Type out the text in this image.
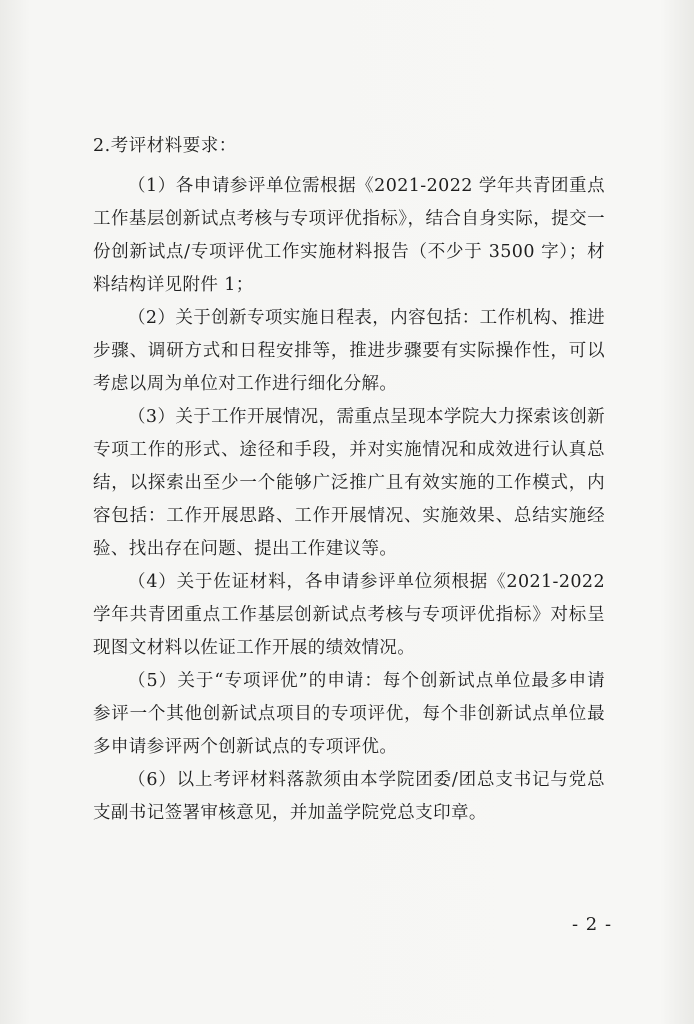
2.考评材料要求：

（1）各申请参评单位需根据《2021-2022 学年共青团重点工作基层创新试点考核与专项评优指标》，结合自身实际，提交一份创新试点/专项评优工作实施材料报告（不少于 3500 字）；材料结构详见附件 1；

（2）关于创新专项实施日程表，内容包括：工作机构、推进步骤、调研方式和日程安排等，推进步骤要有实际操作性，可以考虑以周为单位对工作进行细化分解。

（3）关于工作开展情况，需重点呈现本学院大力探索该创新专项工作的形式、途径和手段，并对实施情况和成效进行认真总结，以探索出至少一个能够广泛推广且有效实施的工作模式，内容包括：工作开展思路、工作开展情况、实施效果、总结实施经验、找出存在问题、提出工作建议等。

（4）关于佐证材料，各申请参评单位须根据《2021-2022 学年共青团重点工作基层创新试点考核与专项评优指标》对标呈现图文材料以佐证工作开展的绩效情况。

（5）关于“专项评优”的申请：每个创新试点单位最多申请参评一个其他创新试点项目的专项评优，每个非创新试点单位最多申请参评两个创新试点的专项评优。

（6）以上考评材料落款须由本学院团委/团总支书记与党总支副书记签署审核意见，并加盖学院党总支印章。

- 2 -
